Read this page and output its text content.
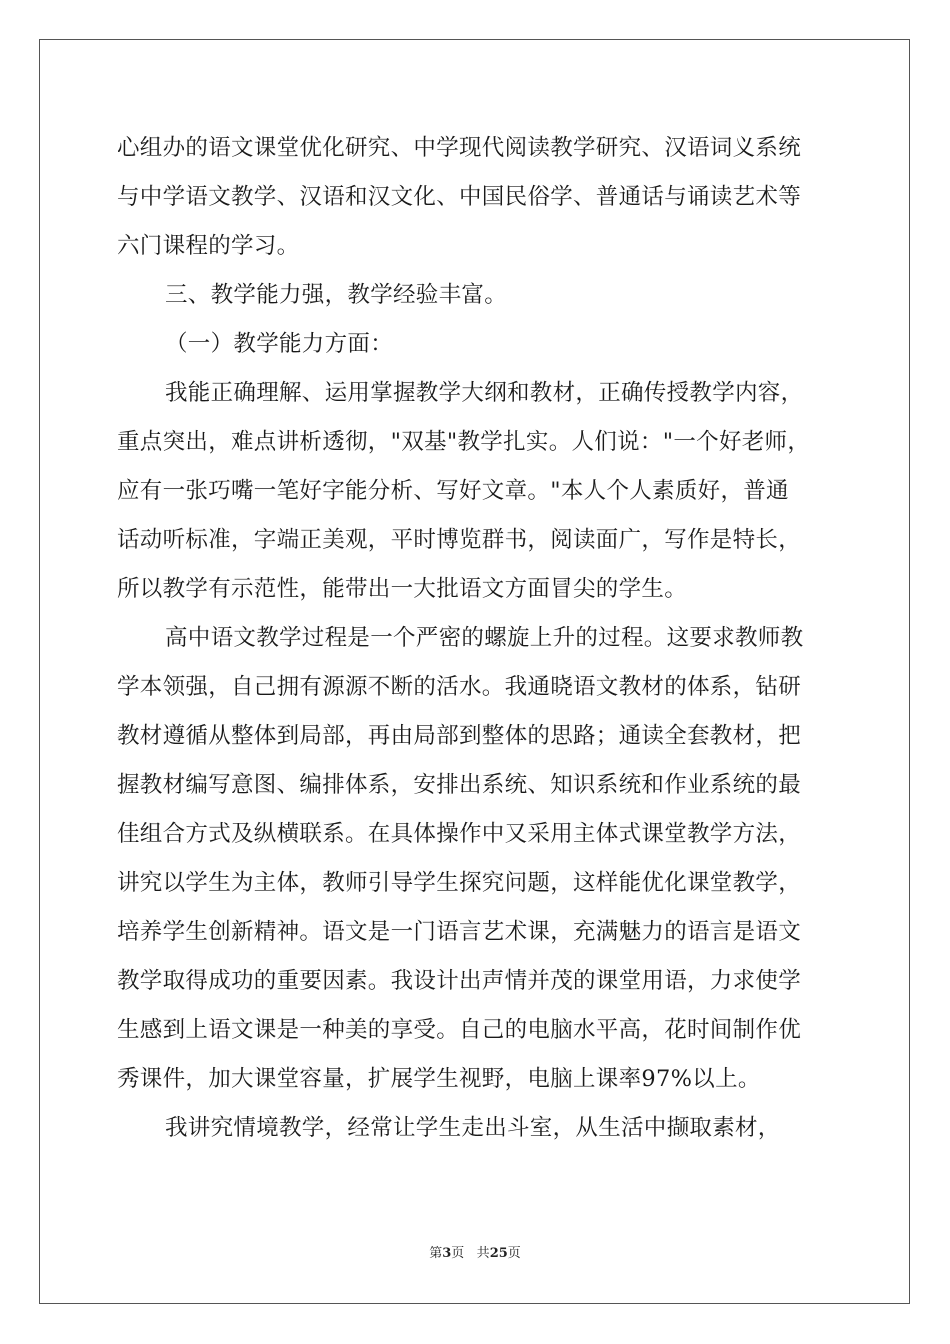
心组办的语文课堂优化研究、中学现代阅读教学研究、汉语词义系统
与中学语文教学、汉语和汉文化、中国民俗学、普通话与诵读艺术等
六门课程的学习。
三、教学能力强，教学经验丰富。
（一）教学能力方面：
我能正确理解、运用掌握教学大纲和教材，正确传授教学内容，
重点突出，难点讲析透彻，"双基"教学扎实。人们说："一个好老师，
应有一张巧嘴一笔好字能分析、写好文章。"本人个人素质好，普通
话动听标准，字端正美观，平时博览群书，阅读面广，写作是特长，
所以教学有示范性，能带出一大批语文方面冒尖的学生。
高中语文教学过程是一个严密的螺旋上升的过程。这要求教师教
学本领强，自己拥有源源不断的活水。我通晓语文教材的体系，钻研
教材遵循从整体到局部，再由局部到整体的思路；通读全套教材，把
握教材编写意图、编排体系，安排出系统、知识系统和作业系统的最
佳组合方式及纵横联系。在具体操作中又采用主体式课堂教学方法，
讲究以学生为主体，教师引导学生探究问题，这样能优化课堂教学，
培养学生创新精神。语文是一门语言艺术课，充满魅力的语言是语文
教学取得成功的重要因素。我设计出声情并茂的课堂用语，力求使学
生感到上语文课是一种美的享受。自己的电脑水平高，花时间制作优
秀课件，加大课堂容量，扩展学生视野，电脑上课率97%以上。
我讲究情境教学，经常让学生走出斗室，从生活中撷取素材，
第3页 共25页
